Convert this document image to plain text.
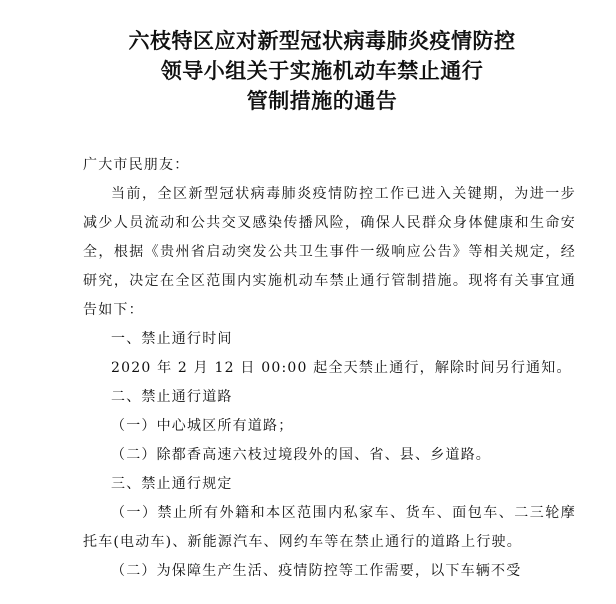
六枝特区应对新型冠状病毒肺炎疫情防控
领导小组关于实施机动车禁止通行
管制措施的通告
广大市民朋友：

当前，全区新型冠状病毒肺炎疫情防控工作已进入关键期，为进一步减少人员流动和公共交叉感染传播风险，确保人民群众身体健康和生命安全，根据《贵州省启动突发公共卫生事件一级响应公告》等相关规定，经研究，决定在全区范围内实施机动车禁止通行管制措施。现将有关事宜通告如下：

一、禁止通行时间

2020 年 2 月 12 日 00:00 起全天禁止通行，解除时间另行通知。

二、禁止通行道路

（一）中心城区所有道路；

（二）除都香高速六枝过境段外的国、省、县、乡道路。

三、禁止通行规定

（一）禁止所有外籍和本区范围内私家车、货车、面包车、二三轮摩托车(电动车)、新能源汽车、网约车等在禁止通行的道路上行驶。

（二）为保障生产生活、疫情防控等工作需要，以下车辆不受
